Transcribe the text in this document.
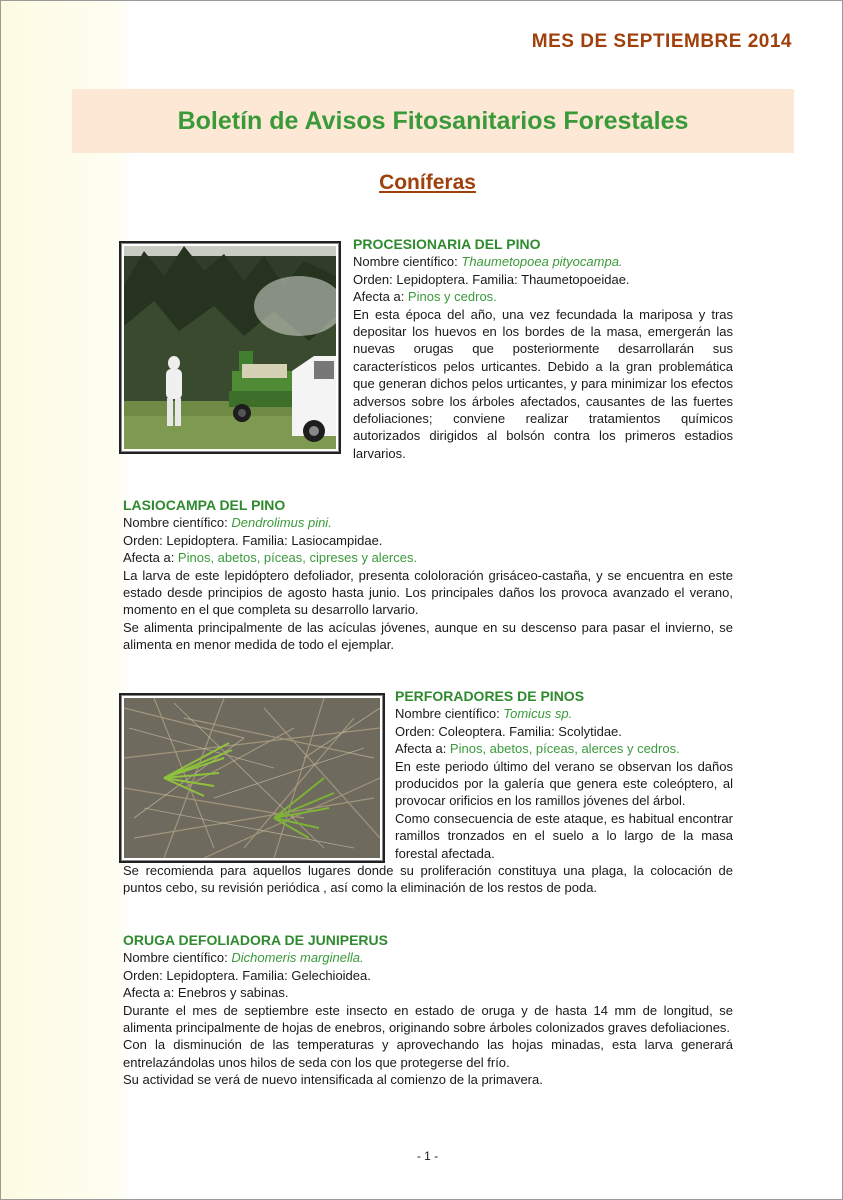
MES DE SEPTIEMBRE 2014
Boletín de Avisos Fitosanitarios Forestales
Coníferas
PROCESIONARIA DEL PINO

Nombre científico: Thaumetopoea pityocampa.

Orden: Lepidoptera. Familia: Thaumetopoeidae.

Afecta a: Pinos y cedros.

En esta época del año, una vez fecundada la mariposa y tras depositar los huevos en los bordes de la masa, emergerán las nuevas orugas que posteriormente desarrollarán sus característicos pelos urticantes. Debido a la gran problemática que generan dichos pelos urticantes, y para minimizar los efectos adversos sobre los árboles afectados, causantes de las fuertes defoliaciones; conviene realizar tratamientos químicos autorizados dirigidos al bolsón contra los primeros estadios larvarios.

LASIOCAMPA DEL PINO

Nombre científico: Dendrolimus pini.

Orden: Lepidoptera. Familia: Lasiocampidae.

Afecta a: Pinos, abetos, píceas, cipreses y alerces.

La larva de este lepidóptero defoliador, presenta cololoración grisáceo-castaña, y se encuentra en este estado desde principios de agosto hasta junio. Los principales daños los provoca avanzado el verano, momento en el que completa su desarrollo larvario.

Se alimenta principalmente de las acículas jóvenes, aunque en su descenso para pasar el invierno, se alimenta en menor medida de todo el ejemplar.

PERFORADORES DE PINOS

Nombre científico: Tomicus sp.

Orden: Coleoptera. Familia: Scolytidae.

Afecta a: Pinos, abetos, píceas, alerces y cedros.

En este periodo último del verano se observan los daños producidos por la galería que genera este coleóptero, al provocar orificios en los ramillos jóvenes del árbol.

Como consecuencia de este ataque, es habitual encontrar ramillos tronzados en el suelo a lo largo de la masa forestal afectada.

Se recomienda para aquellos lugares donde su proliferación constituya una plaga, la colocación de puntos cebo, su revisión periódica , así como la eliminación de los restos de poda.

ORUGA DEFOLIADORA DE JUNIPERUS

Nombre científico: Dichomeris marginella.

Orden: Lepidoptera. Familia: Gelechioidea.

Afecta a: Enebros y sabinas.

Durante el mes de septiembre este insecto en estado de oruga y de hasta 14 mm de longitud, se alimenta principalmente de hojas de enebros, originando sobre árboles colonizados graves defoliaciones.

Con la disminución de las temperaturas y aprovechando las hojas minadas, esta larva generará entrelazándolas unos hilos de seda con los que protegerse del frío.

Su actividad se verá de nuevo intensificada al comienzo de la primavera.

- 1 -
